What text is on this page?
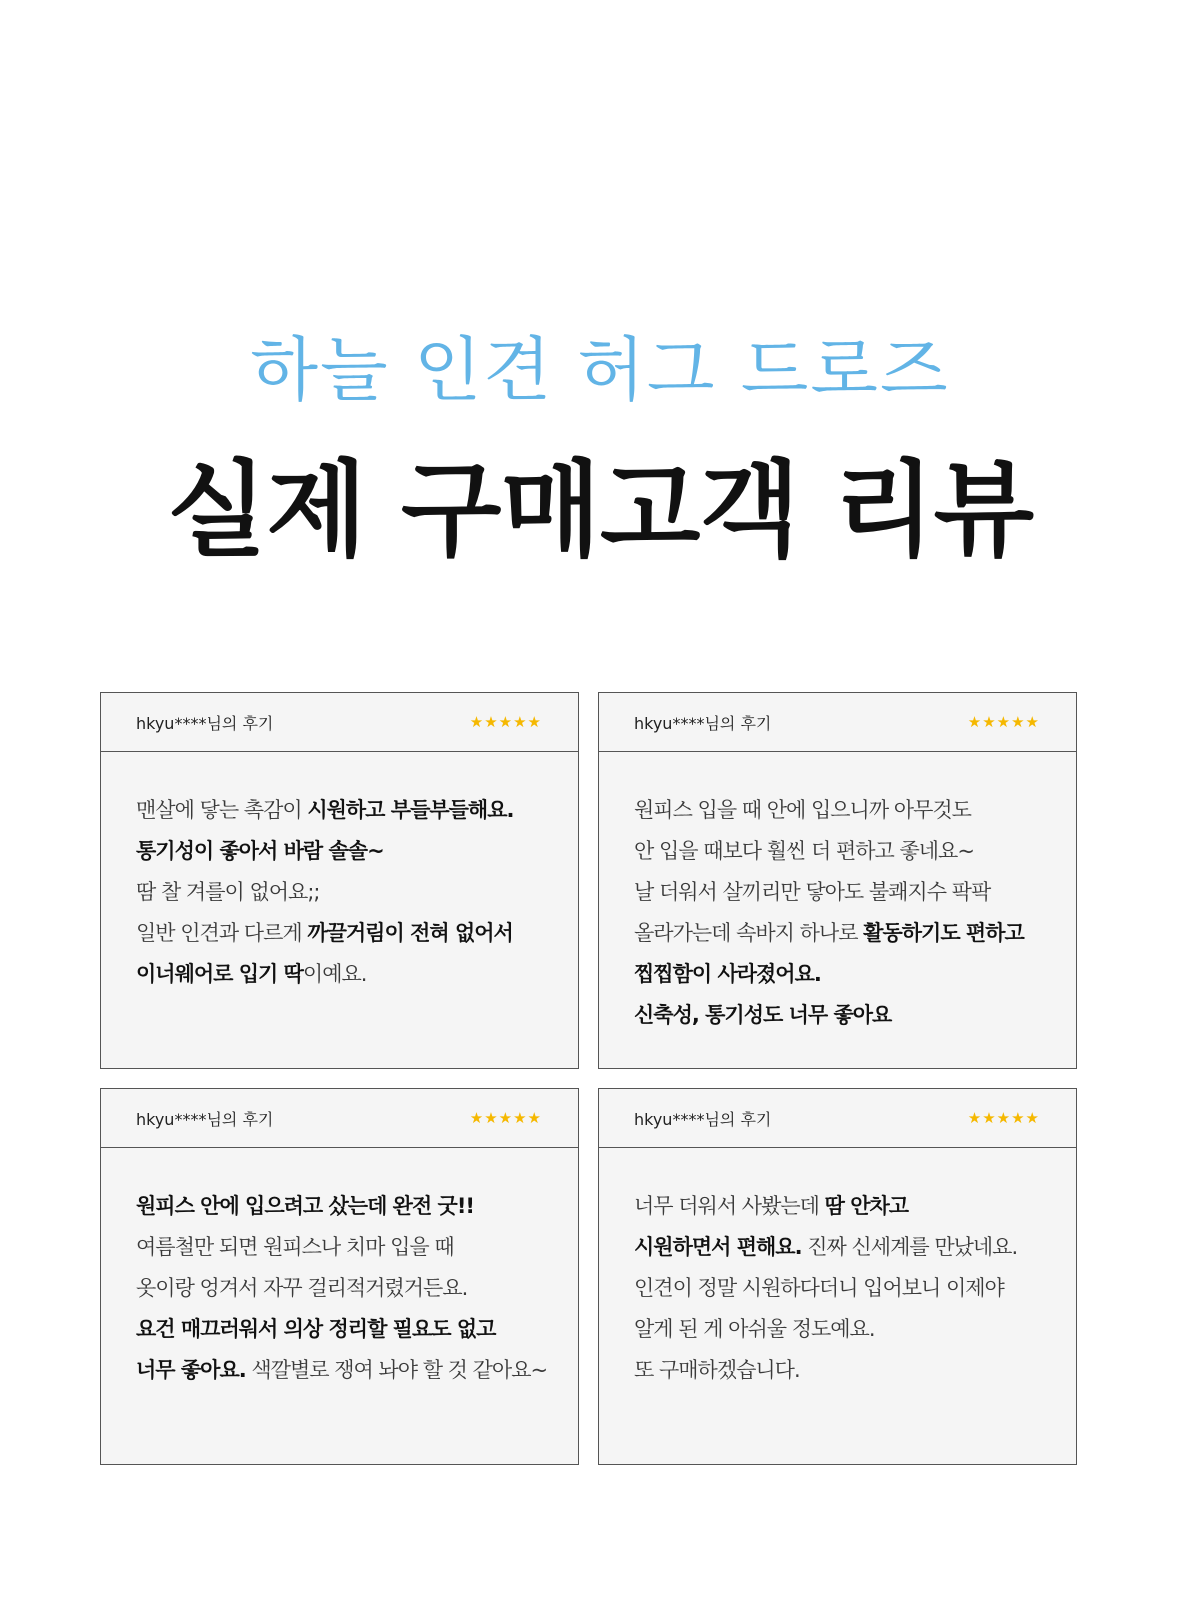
하늘 인견 허그 드로즈
실제 구매고객 리뷰
hkyu****님의 후기	★★★★★
맨살에 닿는 촉감이 시원하고 부들부들해요.
통기성이 좋아서 바람 솔솔~
땀 찰 겨를이 없어요;;
일반 인견과 다르게 까끌거림이 전혀 없어서
이너웨어로 입기 딱이예요.
hkyu****님의 후기	★★★★★
원피스 입을 때 안에 입으니까 아무것도
안 입을 때보다 훨씬 더 편하고 좋네요~
날 더워서 살끼리만 닿아도 불쾌지수 팍팍
올라가는데 속바지 하나로 활동하기도 편하고
찝찝함이 사라졌어요.
신축성, 통기성도 너무 좋아요
hkyu****님의 후기	★★★★★
원피스 안에 입으려고 샀는데 완전 굿!!
여름철만 되면 원피스나 치마 입을 때
옷이랑 엉겨서 자꾸 걸리적거렸거든요.
요건 매끄러워서 의상 정리할 필요도 없고
너무 좋아요. 색깔별로 쟁여 놔야 할 것 같아요~
hkyu****님의 후기	★★★★★
너무 더워서 사봤는데 땀 안차고
시원하면서 편해요. 진짜 신세계를 만났네요.
인견이 정말 시원하다더니 입어보니 이제야
알게 된 게 아쉬울 정도예요.
또 구매하겠습니다.
